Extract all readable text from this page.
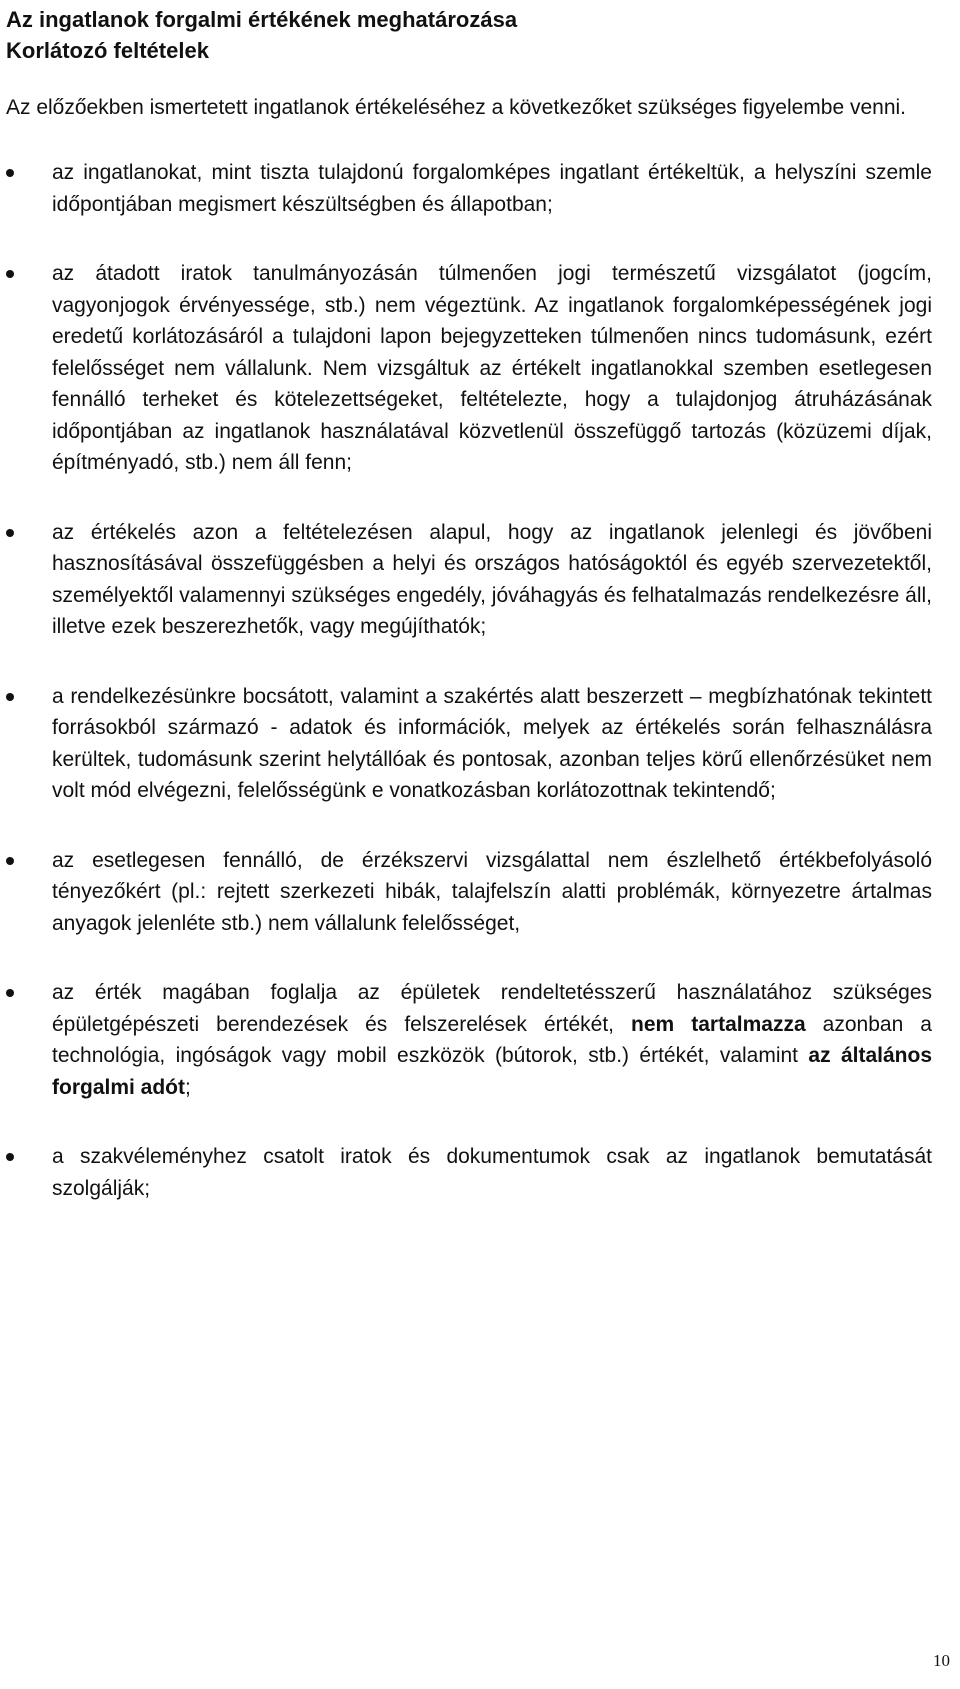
Az ingatlanok forgalmi értékének meghatározása
Korlátozó feltételek

Az előzőekben ismertetett ingatlanok értékeléséhez a következőket szükséges figyelembe venni.

az ingatlanokat, mint tiszta tulajdonú forgalomképes ingatlant értékeltük, a helyszíni szemle időpontjában megismert készültségben és állapotban;
az átadott iratok tanulmányozásán túlmenően jogi természetű vizsgálatot (jogcím, vagyonjogok érvényessége, stb.) nem végeztünk. Az ingatlanok forgalomképességének jogi eredetű korlátozásáról a tulajdoni lapon bejegyzetteken túlmenően nincs tudomásunk, ezért felelősséget nem vállalunk. Nem vizsgáltuk az értékelt ingatlanokkal szemben esetlegesen fennálló terheket és kötelezettségeket, feltételezte, hogy a tulajdonjog átruházásának időpontjában az ingatlanok használatával közvetlenül összefüggő tartozás (közüzemi díjak, építményadó, stb.) nem áll fenn;
az értékelés azon a feltételezésen alapul, hogy az ingatlanok jelenlegi és jövőbeni hasznosításával összefüggésben a helyi és országos hatóságoktól és egyéb szervezetektől, személyektől valamennyi szükséges engedély, jóváhagyás és felhatalmazás rendelkezésre áll, illetve ezek beszerezhetők, vagy megújíthatók;
a rendelkezésünkre bocsátott, valamint a szakértés alatt beszerzett – megbízhatónak tekintett forrásokból származó - adatok és információk, melyek az értékelés során felhasználásra kerültek, tudomásunk szerint helytállóak és pontosak, azonban teljes körű ellenőrzésüket nem volt mód elvégezni, felelősségünk e vonatkozásban korlátozottnak tekintendő;
az esetlegesen fennálló, de érzékszervi vizsgálattal nem észlelhető értékbefolyásoló tényezőkért (pl.: rejtett szerkezeti hibák, talajfelszín alatti problémák, környezetre ártalmas anyagok jelenléte stb.) nem vállalunk felelősséget,
az érték magában foglalja az épületek rendeltetésszerű használatához szükséges épületgépészeti berendezések és felszerelések értékét, nem tartalmazza azonban a technológia, ingóságok vagy mobil eszközök (bútorok, stb.) értékét, valamint az általános forgalmi adót;
a szakvéleményhez csatolt iratok és dokumentumok csak az ingatlanok bemutatását szolgálják;
10
